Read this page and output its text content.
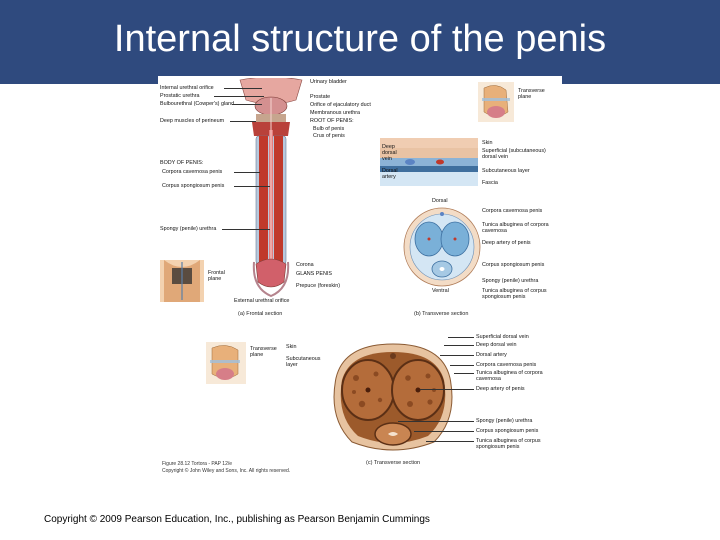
Internal structure of the penis
Internal urethral orifice
Prostatic urethra
Bulbourethral (Cowper's) gland
Deep muscles of perineum
BODY OF PENIS:
Corpora cavernosa penis
Corpus spongiosum penis
Spongy (penile) urethra
Urinary bladder
Prostate
Orifice of ejaculatory duct
Membranous urethra
ROOT OF PENIS:
Bulb of penis
Crus of penis
Corona
GLANS PENIS
Prepuce (foreskin)
External urethral orifice
(a) Frontal section
Frontal plane
Transverse plane
Deep dorsal vein
Dorsal artery
Skin
Superficial (subcutaneous) dorsal vein
Subcutaneous layer
Fascia
Dorsal
Ventral
Corpora cavernosa penis
Tunica albuginea of corpora cavernosa
Deep artery of penis
Corpus spongiosum penis
Spongy (penile) urethra
Tunica albuginea of corpus spongiosum penis
(b) Transverse section
Transverse plane
Skin
Subcutaneous layer
Superficial dorsal vein
Deep dorsal vein
Dorsal artery
Corpora cavernosa penis
Tunica albuginea of corpora cavernosa
Deep artery of penis
Spongy (penile) urethra
Corpus spongiosum penis
Tunica albuginea of corpus spongiosum penis
(c) Transverse section
Figure 28.12 Tortora - PAP 12/e
Copyright © John Wiley and Sons, Inc. All rights reserved.
Copyright © 2009 Pearson Education, Inc., publishing as Pearson Benjamin Cummings
